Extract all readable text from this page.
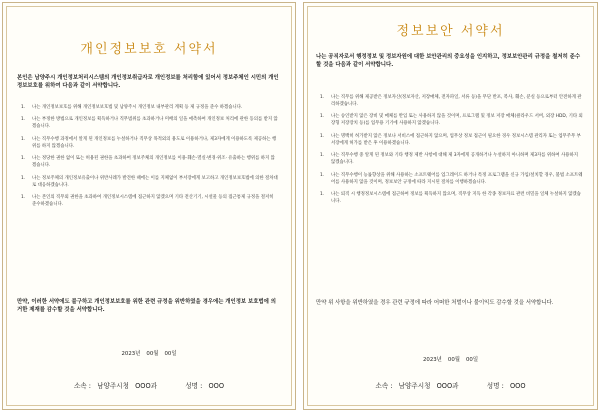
개인정보보호 서약서
본인은 남양주시 개인정보처리시스템의 개인정보취급자로 개인정보를 처리함에 있어서 정보주체인 시민의 개인정보보호를 위하여 다음과 같이 서약합니다.
1. 나는 개인정보보호를 위해 개인정보보호법 및 남양주시 개인정보 내부관리 계획 등 제 규정을 준수 하겠습니다.
1. 나는 부정한 방법으로 개인정보를 획득하거나 직무범위를 초과하거나 미배의 일을 애측하여 개인정보 처리에 관한 동의를 받지 않겠습니다.
1. 나는 직무수행 과정에서 알게 된 개인정보를 누설하거나 직무상 목적외의 용도로 이용하거나, 제3자에게 이용하도록 제공하는 행위를 하지 않겠습니다.
1. 나는 정당한 권한 없이 또는 허용된 권한을 초과하여 정보주체의 개인정보를 이용·훼손·멸실·변경·위조· 유출하는 행위를 하지 않겠습니다.
1. 나는 정보주체의 개인정보유출이나 위반사례가 발견한 때에는 이를 지체없이 부서장에게 보고하고 개인정보보호법에 의한 절차대로 대응하겠습니다.
1. 나는 본인의 직무외 권한을 초과하여 개인정보시스템에 접근하지 않겠으며 기타 전산기기, 시설물 등의 접근통제 규정을 철저히 준수하겠습니다.
만약, 이러한 서약에도 불구하고 개인정보보호를 위한 관련 규정을 위반하였을 경우에는 개인정보 보호법에 의거한 제재를 감수할 것을 서약합니다.
2023년 00월 00일
소속 : 남양주시청 OOO과	성명 : OOO
정보보안 서약서
나는 공직자로서 행정정보 및 정보자원에 대한 보안관리의 중요성을 인지하고, 정보보안관리 규정을 철저히 준수할 것을 다음과 같이 서약합니다.
1. 나는 직무를 위해 제공받은 정보자산(정보자산, 저장매체, 전자파일, 서류 등)을 무단 반포, 복사, 훼손, 분실 등으로부터 안전하게 관리하겠습니다.
1. 나는 승인받지 않은 장비 및 매체를 반입 또는 사용하지 않을 것이며, 프로그램 및 정보 저장 매체(클라우드 서버, 외장 HDD, 기타 외장형 저장장치 등)를 업무용 기기에 사용하지 않겠습니다.
1. 나는 명백히 허가받지 않은 정보나 서비스에 접근하지 않으며, 업무상 정보 접근이 필요한 경우 정보시스템 관리자 또는 업무주무 부서장에게 허가를 받은 후 이용하겠습니다.
1. 나는 직무수행 중 알게 된 정보와 기타 행정 제반 사항에 대해 제 3자에게 공개하거나 누설하지 아니하며 제3자를 위하여 사용하지 않겠습니다.
1. 나는 직무수행이 능률향상을 위해 사용하는 소프트웨어를 업그레이드 하거나 특정 프로그램을 신규 가입/설치할 경우, 불법 소프트웨어를 사용하지 않을 것이며, 정보보안 규정에 따라 지시된 절차를 이행하겠습니다.
1. 나는 퇴직 시 행정정보시스템에 접근하여 정보를 획득하지 않으며, 직무상 지득 한 각종 정보자료 관련 비밀을 일체 누설하지 않겠습니다.
만약 위 사항을 위반하였을 경우 관련 규정에 따라 어떠한 처벌이나 불이익도 감수할 것을 서약합니다.
2023년 00월 00일
소속 : 남양주시청 OOO과	성명 : OOO
